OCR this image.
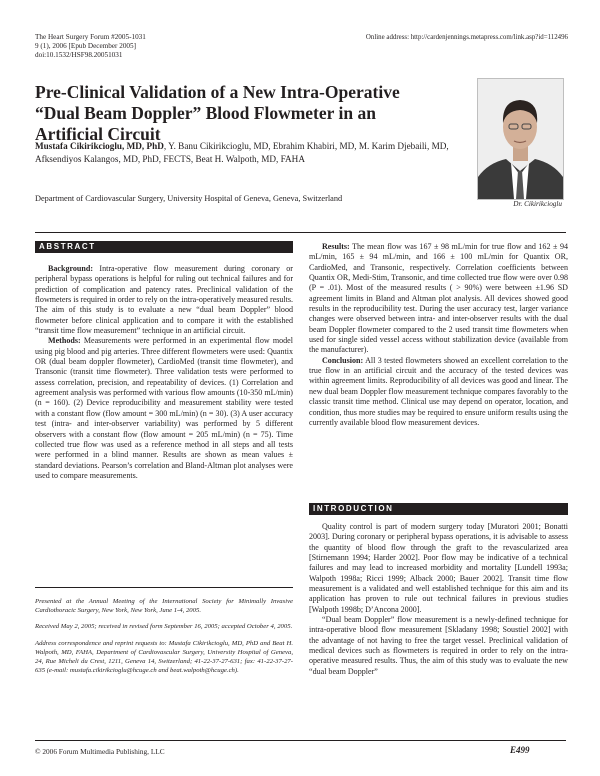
The Heart Surgery Forum #2005-1031
9 (1), 2006 [Epub December 2005]
doi:10.1532/HSF98.20051031
Online address: http://cardenjennings.metapress.com/link.asp?id=112496
Pre-Clinical Validation of a New Intra-Operative “Dual Beam Doppler” Blood Flowmeter in an Artificial Circuit
Mustafa Cikirikcioglu, MD, PhD, Y. Banu Cikirikcioglu, MD, Ebrahim Khabiri, MD, M. Karim Djebaili, MD, Afksendiyos Kalangos, MD, PhD, FECTS, Beat H. Walpoth, MD, FAHA
Department of Cardiovascular Surgery, University Hospital of Geneva, Geneva, Switzerland
Dr. Cikirikcioglu
ABSTRACT

Background: Intra-operative flow measurement during coronary or peripheral bypass operations is helpful for ruling out technical failures and for prediction of complication and patency rates. Preclinical validation of the flowmeters is required in order to rely on the intra-operatively measured results. The aim of this study is to evaluate a new “dual beam Doppler” blood flowmeter before clinical application and to compare it with the established “transit time flow measurement” technique in an artificial circuit.

Methods: Measurements were performed in an experimental flow model using pig blood and pig arteries. Three different flowmeters were used: Quantix OR (dual beam doppler flowmeter), CardioMed (transit time flowmeter), and Transonic (transit time flowmeter). Three validation tests were performed to assess correlation, precision, and repeatability of devices. (1) Correlation and agreement analysis was performed with various flow amounts (10-350 mL/min) (n = 160). (2) Device reproducibility and measurement stability were tested with a constant flow (flow amount = 300 mL/min) (n = 30). (3) A user accuracy test (intra- and inter-observer variability) was performed by 5 different observers with a constant flow (flow amount = 205 mL/min) (n = 75). Time collected true flow was used as a reference method in all steps and all tests were performed in a blind manner. Results are shown as mean values ± standard deviations. Pearson’s correlation and Bland-Altman plot analyses were used to compare measurements.

Results: The mean flow was 167 ± 98 mL/min for true flow and 162 ± 94 mL/min, 165 ± 94 mL/min, and 166 ± 100 mL/min for Quantix OR, CardioMed, and Transonic, respectively. Correlation coefficients between Quantix OR, Medi-Stim, Transonic, and time collected true flow were over 0.98 (P = .01). Most of the measured results ( > 90%) were between ±1.96 SD agreement limits in Bland and Altman plot analysis. All devices showed good results in the reproducibility test. During the user accuracy test, larger variance changes were observed between intra- and inter-observer results with the dual beam Doppler flowmeter compared to the 2 used transit time flowmeters when used for single sided vessel access without stabilization device (available from the manufacturer).

Conclusion: All 3 tested flowmeters showed an excellent correlation to the true flow in an artificial circuit and the accuracy of the tested devices was within agreement limits. Reproducibility of all devices was good and linear. The new dual beam Doppler flow measurement technique compares favorably to the classic transit time method. Clinical use may depend on operator, location, and condition, thus more studies may be required to ensure uniform results using the currently available blood flow measurement devices.

Presented at the Annual Meeting of the International Society for Minimally Invasive Cardiothoracic Surgery, New York, New York, June 1-4, 2005.

Received May 2, 2005; received in revised form September 16, 2005; accepted October 4, 2005.

Address correspondence and reprint requests to: Mustafa Cikirikcioglu, MD, PhD and Beat H. Walpoth, MD, FAHA, Department of Cardiovascular Surgery, University Hospital of Geneva, 24, Rue Micheli du Crest, 1211, Geneva 14, Switzerland; 41-22-37-27-631; fax: 41-22-37-27-635 (e-mail: mustafa.cikirikcioglu@hcuge.ch and beat.walpoth@hcuge.ch).

INTRODUCTION

Quality control is part of modern surgery today [Muratori 2001; Bonatti 2003]. During coronary or peripheral bypass operations, it is advisable to assess the quantity of blood flow through the graft to the revascularized area [Stirnemann 1994; Harder 2002]. Poor flow may be indicative of a technical failures and may lead to increased morbidity and mortality [Lundell 1993a; Walpoth 1998a; Ricci 1999; Alback 2000; Bauer 2002]. Transit time flow measurement is a validated and well established technique for this aim and its application has proven to rule out technical failures in previous studies [Walpoth 1998b; D’Ancona 2000].

“Dual beam Doppler” flow measurement is a newly-defined technique for intra-operative blood flow measurement [Skladany 1998; Soustiel 2002] with the advantage of not having to free the target vessel. Preclinical validation of medical devices such as flowmeters is required in order to rely on the intra-operative measured results. Thus, the aim of this study was to evaluate the new “dual beam Doppler”

© 2006 Forum Multimedia Publishing, LLC	E499
